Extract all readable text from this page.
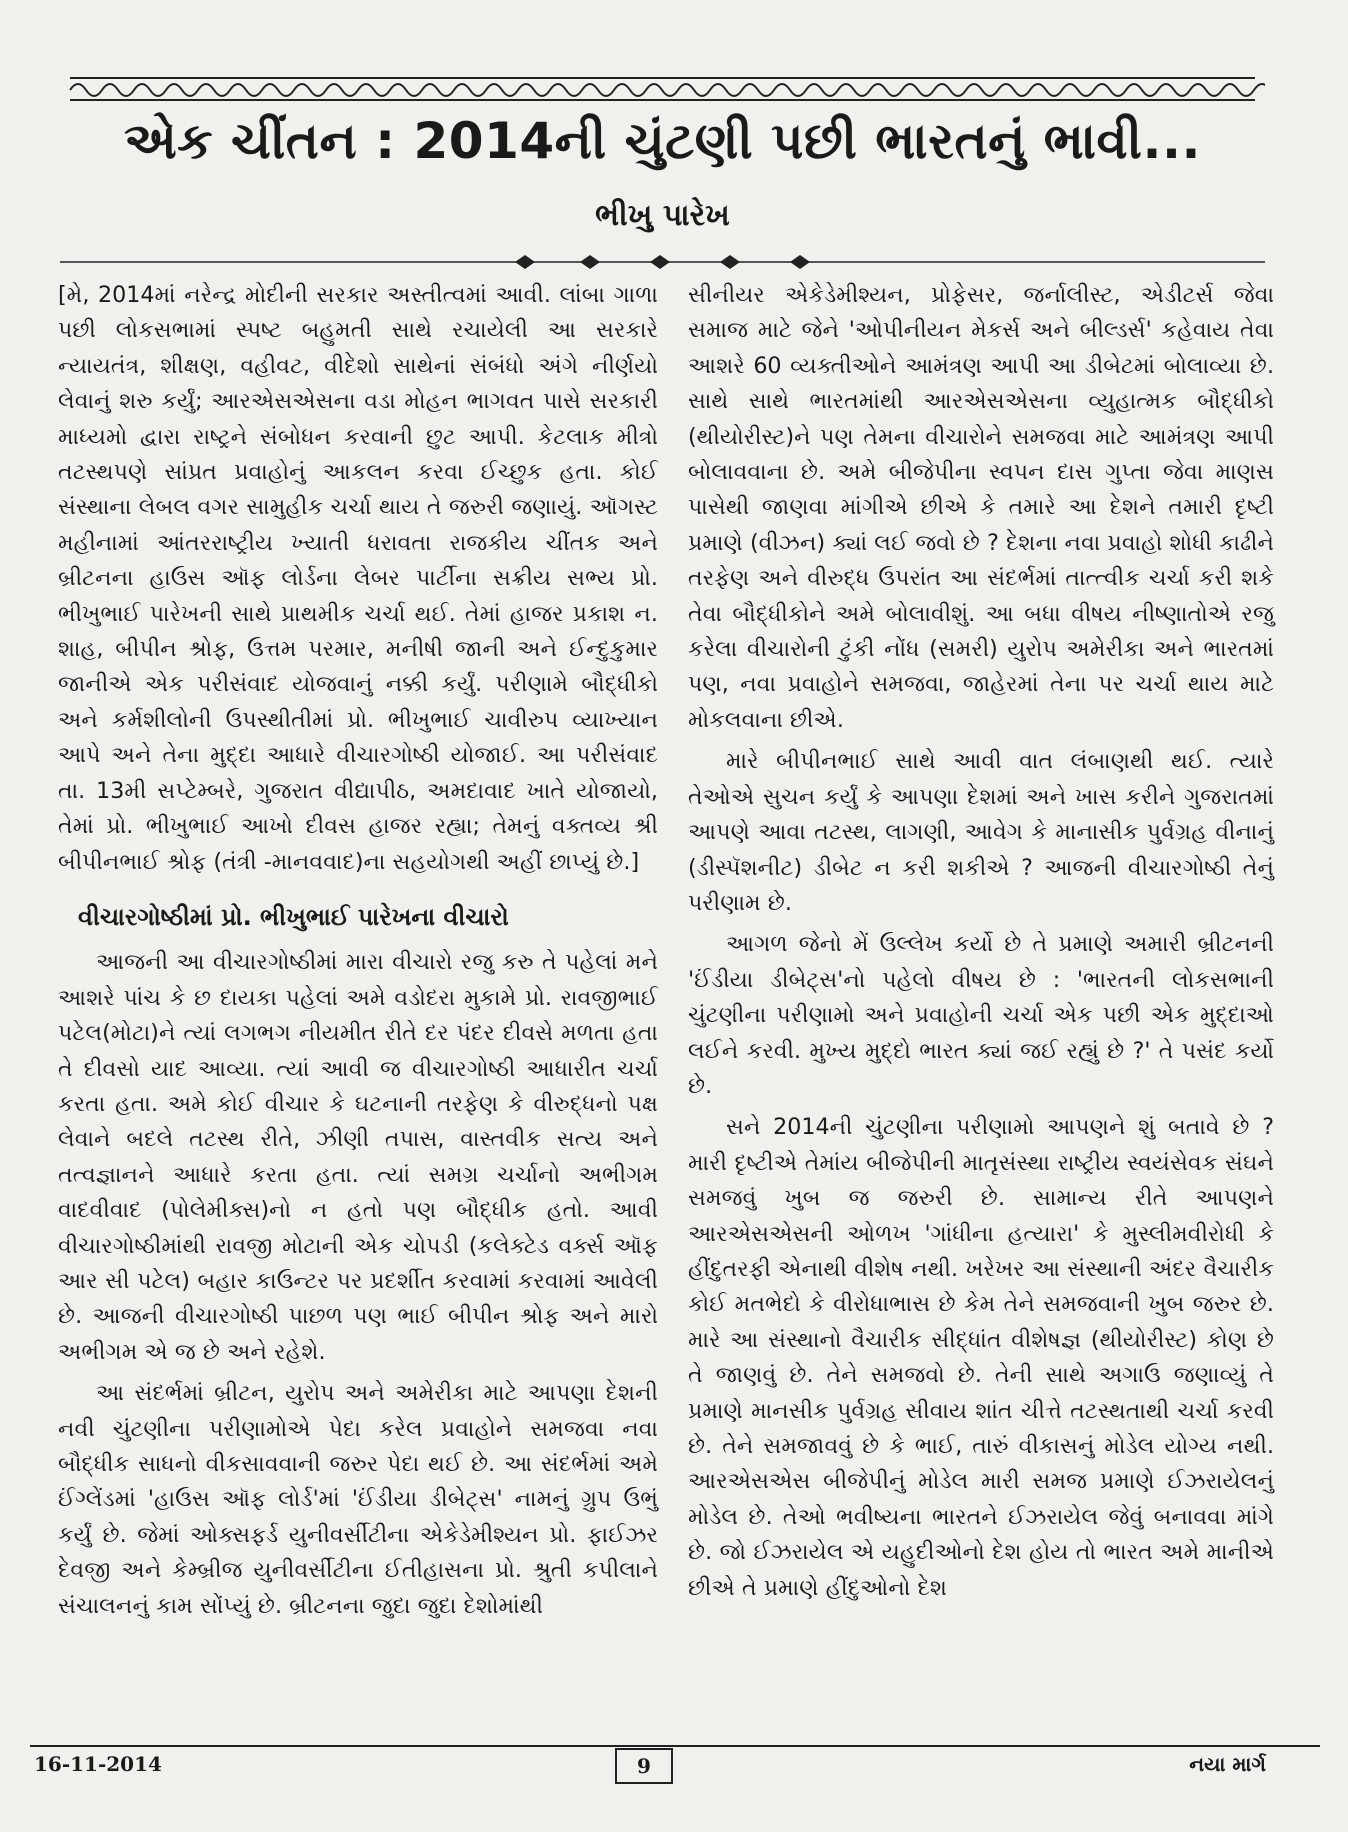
એક ચીંતન : 2014ની ચુંટણી પછી ભારતનું ભાવી...
ભીખુ પારેખ

[મે, 2014માં નરેન્દ્ર મોદીની સરકાર અસ્તીત્વમાં આવી. લાંબા ગાળા પછી લોકસભામાં સ્પષ્ટ બહુમતી સાથે રચાયેલી આ સરકારે ન્યાયતંત્ર, શીક્ષણ, વહીવટ, વીદેશો સાથેનાં સંબંધો અંગે નીર્ણયો લેવાનું શરુ કર્યું; આરએસએસના વડા મોહન ભાગવત પાસે સરકારી માધ્યમો દ્વારા રાષ્ટ્રને સંબોધન કરવાની છુટ આપી. કેટલાક મીત્રો તટસ્થપણે સાંપ્રત પ્રવાહોનું આકલન કરવા ઈચ્છુક હતા. કોઈ સંસ્થાના લેબલ વગર સામુહીક ચર્ચા થાય તે જરુરી જણાયું. ઑગસ્ટ મહીનામાં આંતરરાષ્ટ્રીય ખ્યાતી ધરાવતા રાજકીય ચીંતક અને બ્રીટનના હાઉસ ઑફ લોર્ડના લેબર પાર્ટીના સક્રીય સભ્ય પ્રો. ભીખુભાઈ પારેખની સાથે પ્રાથમીક ચર્ચા થઈ. તેમાં હાજર પ્રકાશ ન. શાહ, બીપીન શ્રોફ, ઉત્તમ પરમાર, મનીષી જાની અને ઈન્દુકુમાર જાનીએ એક પરીસંવાદ યોજવાનું નક્કી કર્યું. પરીણામે બૌદ્ધીકો અને કર્મશીલોની ઉપસ્થીતીમાં પ્રો. ભીખુભાઈ ચાવીરુપ વ્યાખ્યાન આપે અને તેના મુદ્દા આધારે વીચારગોષ્ઠી યોજાઈ. આ પરીસંવાદ તા. 13મી સપ્ટેમ્બરે, ગુજરાત વીદ્યાપીઠ, અમદાવાદ ખાતે યોજાયો, તેમાં પ્રો. ભીખુભાઈ આખો દીવસ હાજર રહ્યા; તેમનું વક્તવ્ય શ્રી બીપીનભાઈ શ્રોફ (તંત્રી -માનવવાદ)ના સહયોગથી અહીં છાપ્યું છે.]

વીચારગોષ્ઠીમાં પ્રો. ભીખુભાઈ પારેખના વીચારો

આજની આ વીચારગોષ્ઠીમાં મારા વીચારો રજુ કરુ તે પહેલાં મને આશરે પાંચ કે છ દાયકા પહેલાં અમે વડોદરા મુકામે પ્રો. રાવજીભાઈ પટેલ(મોટા)ને ત્યાં લગભગ નીયમીત રીતે દર પંદર દીવસે મળતા હતા તે દીવસો યાદ આવ્યા. ત્યાં આવી જ વીચારગોષ્ઠી આધારીત ચર્ચા કરતા હતા. અમે કોઈ વીચાર કે ઘટનાની તરફેણ કે વીરુદ્ધનો પક્ષ લેવાને બદલે તટસ્થ રીતે, ઝીણી તપાસ, વાસ્તવીક સત્ય અને તત્વજ્ઞાનને આધારે કરતા હતા. ત્યાં સમગ્ર ચર્ચાનો અભીગમ વાદવીવાદ (પોલેમીક્સ)નો ન હતો પણ બૌદ્ધીક હતો. આવી વીચારગોષ્ઠીમાંથી રાવજી મોટાની એક ચોપડી (કલેક્ટેડ વર્ક્સ ઑફ આર સી પટેલ) બહાર કાઉન્ટર પર પ્રદર્શીત કરવામાં કરવામાં આવેલી છે. આજની વીચારગોષ્ઠી પાછળ પણ ભાઈ બીપીન શ્રોફ અને મારો અભીગમ એ જ છે અને રહેશે.

આ સંદર્ભમાં બ્રીટન, યુરોપ અને અમેરીકા માટે આપણા દેશની નવી ચુંટણીના પરીણામોએ પેદા કરેલ પ્રવાહોને સમજવા નવા બૌદ્ધીક સાધનો વીકસાવવાની જરુર પેદા થઈ છે. આ સંદર્ભમાં અમે ઈંગ્લેંડમાં 'હાઉસ ઑફ લોર્ડ'માં 'ઈંડીયા ડીબેટ્સ' નામનું ગ્રુપ ઉભું કર્યું છે. જેમાં ઓક્સફર્ડ યુનીવર્સીટીના એકેડેમીશ્યન પ્રો. ફાઈઝર દેવજી અને કેમ્બ્રીજ યુનીવર્સીટીના ઈતીહાસના પ્રો. શ્રુતી કપીલાને સંચાલનનું કામ સોંપ્યું છે. બ્રીટનના જુદા જુદા દેશોમાંથી

સીનીયર એકેડેમીશ્યન, પ્રોફેસર, જર્નાલીસ્ટ, એડીટર્સ જેવા સમાજ માટે જેને 'ઓપીનીયન મેકર્સ અને બીલ્ડર્સ' કહેવાય તેવા આશરે 60 વ્યક્તીઓને આમંત્રણ આપી આ ડીબેટમાં બોલાવ્યા છે. સાથે સાથે ભારતમાંથી આરએસએસના વ્યુહાત્મક બૌદ્ધીકો (થીયોરીસ્ટ)ને પણ તેમના વીચારોને સમજવા માટે આમંત્રણ આપી બોલાવવાના છે. અમે બીજેપીના સ્વપન દાસ ગુપ્તા જેવા માણસ પાસેથી જાણવા માંગીએ છીએ કે તમારે આ દેશને તમારી દૃષ્ટી પ્રમાણે (વીઝન) ક્યાં લઈ જવો છે ? દેશના નવા પ્રવાહો શોધી કાઢીને તરફેણ અને વીરુદ્ધ ઉપરાંત આ સંદર્ભમાં તાત્ત્વીક ચર્ચા કરી શકે તેવા બૌદ્ધીકોને અમે બોલાવીશું. આ બધા વીષય નીષ્ણાતોએ રજુ કરેલા વીચારોની ટુંકી નોંધ (સમરી) યુરોપ અમેરીકા અને ભારતમાં પણ, નવા પ્રવાહોને સમજવા, જાહેરમાં તેના પર ચર્ચા થાય માટે મોકલવાના છીએ.

મારે બીપીનભાઈ સાથે આવી વાત લંબાણથી થઈ. ત્યારે તેઓએ સુચન કર્યું કે આપણા દેશમાં અને ખાસ કરીને ગુજરાતમાં આપણે આવા તટસ્થ, લાગણી, આવેગ કે માનાસીક પુર્વગ્રહ વીનાનું (ડીસ્પૅશનીટ) ડીબેટ ન કરી શકીએ ? આજની વીચારગોષ્ઠી તેનું પરીણામ છે.

આગળ જેનો મેં ઉલ્લેખ કર્યો છે તે પ્રમાણે અમારી બ્રીટનની 'ઈંડીયા ડીબેટ્સ'નો પહેલો વીષય છે : 'ભારતની લોકસભાની ચુંટણીના પરીણામો અને પ્રવાહોની ચર્ચા એક પછી એક મુદ્દાઓ લઈને કરવી. મુખ્ય મુદ્દો ભારત ક્યાં જઈ રહ્યું છે ?' તે પસંદ કર્યો છે.

સને 2014ની ચુંટણીના પરીણામો આપણને શું બતાવે છે ? મારી દૃષ્ટીએ તેમાંય બીજેપીની માતૃસંસ્થા રાષ્ટ્રીય સ્વયંસેવક સંઘને સમજવું ખુબ જ જરુરી છે. સામાન્ય રીતે આપણને આરએસએસની ઓળખ 'ગાંધીના હત્યારા' કે મુસ્લીમવીરોધી કે હીંદુતરફી એનાથી વીશેષ નથી. ખરેખર આ સંસ્થાની અંદર વૈચારીક કોઈ મતભેદો કે વીરોધાભાસ છે કેમ તેને સમજવાની ખુબ જરુર છે. મારે આ સંસ્થાનો વૈચારીક સીદ્ધાંત વીશેષજ્ઞ (થીયોરીસ્ટ) કોણ છે તે જાણવું છે. તેને સમજવો છે. તેની સાથે અગાઉ જણાવ્યું તે પ્રમાણે માનસીક પુર્વગ્રહ સીવાય શાંત ચીત્તે તટસ્થતાથી ચર્ચા કરવી છે. તેને સમજાવવું છે કે ભાઈ, તારું વીકાસનું મોડેલ યોગ્ય નથી. આરએસએસ બીજેપીનું મોડેલ મારી સમજ પ્રમાણે ઈઝરાયેલનું મોડેલ છે. તેઓ ભવીષ્યના ભારતને ઈઝરાયેલ જેવું બનાવવા માંગે છે. જો ઈઝરાયેલ એ યહુદીઓનો દેશ હોય તો ભારત અમે માનીએ છીએ તે પ્રમાણે હીંદુઓનો દેશ

16-11-2014	9	નયા માર્ગ
